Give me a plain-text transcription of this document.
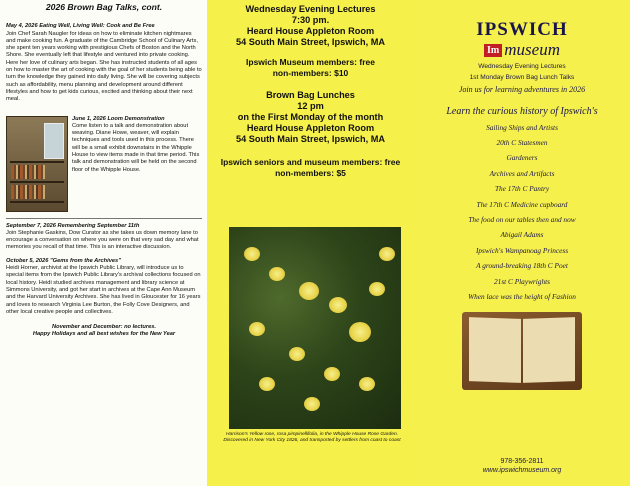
2026 Brown Bag Talks, cont.

May 4, 2026 Eating Well, Living Well: Cook and Be Free

Join Chef Sarah Naugler for ideas on how to eliminate kitchen nightmares and make cooking fun. A graduate of the Cambridge School of Culinary Arts, she spent ten years working with prestigious Chefs of Boston and the North Shore. She eventually left that lifestyle and ventured into private cooking. Here her love of culinary arts began. She has instructed students of all ages on how to master the art of cooking with the goal of her students being able to turn the knowledge they gained into daily living. She will be covering subjects such as affordability, menu planning and development around different lifestyles and how to get kids curious, excited and thinking about their next meal.

June 1, 2026 Loom Demonstration

Come listen to a talk and demonstration about weaving. Diane Howe, weaver, will explain techniques and tools used in this process. There will be a small exhibit downstairs in the Whipple House to view items made in that time period. This talk and demonstration will be held on the second floor of the Whipple House.

September 7, 2026 Remembering September 11th

Join Stephanie Gaskins, Dow Curator as she takes us down memory lane to encourage a conversation on where you were on that very sad day and what memories you recall of that time. This is an interactive discussion.

October 5, 2026 "Gems from the Archives"

Heidi Horner, archivist at the Ipswich Public Library, will introduce us to special items from the Ipswich Public Library's archival collections focused on local history. Heidi studied archives management and library science at Simmons University, and got her start in archives at the Cape Ann Museum and the Harvard University Archives. She has lived in Gloucester for 16 years and loves to research Virginia Lee Burton, the Folly Cove Designers, and other local creative people and collectives.

November and December: no lectures.
Happy Holidays and all best wishes for the New Year
Wednesday Evening Lectures
7:30 pm.
Heard House Appleton Room
54 South Main Street, Ipswich, MA
Ipswich Museum members: free
non-members: $10
Brown Bag Lunches
12 pm
on the First Monday of the month
Heard House Appleton Room
54 South Main Street, Ipswich, MA
Ipswich seniors and museum members: free
non-members: $5
Harrison's Yellow rose, rosa pimpinellifolia, in the Whipple House Rose Garden. Discovered in New York City 1826, and transported by settlers from coast to coast
IPSWICH
Im museum
Wednesday Evening Lectures
1st Monday Brown Bag Lunch Talks
Join us for learning adventures in 2026
Learn the curious history of Ipswich's
Sailing Ships and Artists
20th C Statesmen
Gardeners
Archives and Artifacts
The 17th C Pantry
The 17th C Medicine cupboard
The food on our tables then and now
Abigail Adams
Ipswich's Wampanoag Princess
A ground-breaking 18th C Poet
21st C Playwrights
When lace was the height of Fashion
978-356-2811
www.ipswichmuseum.org
